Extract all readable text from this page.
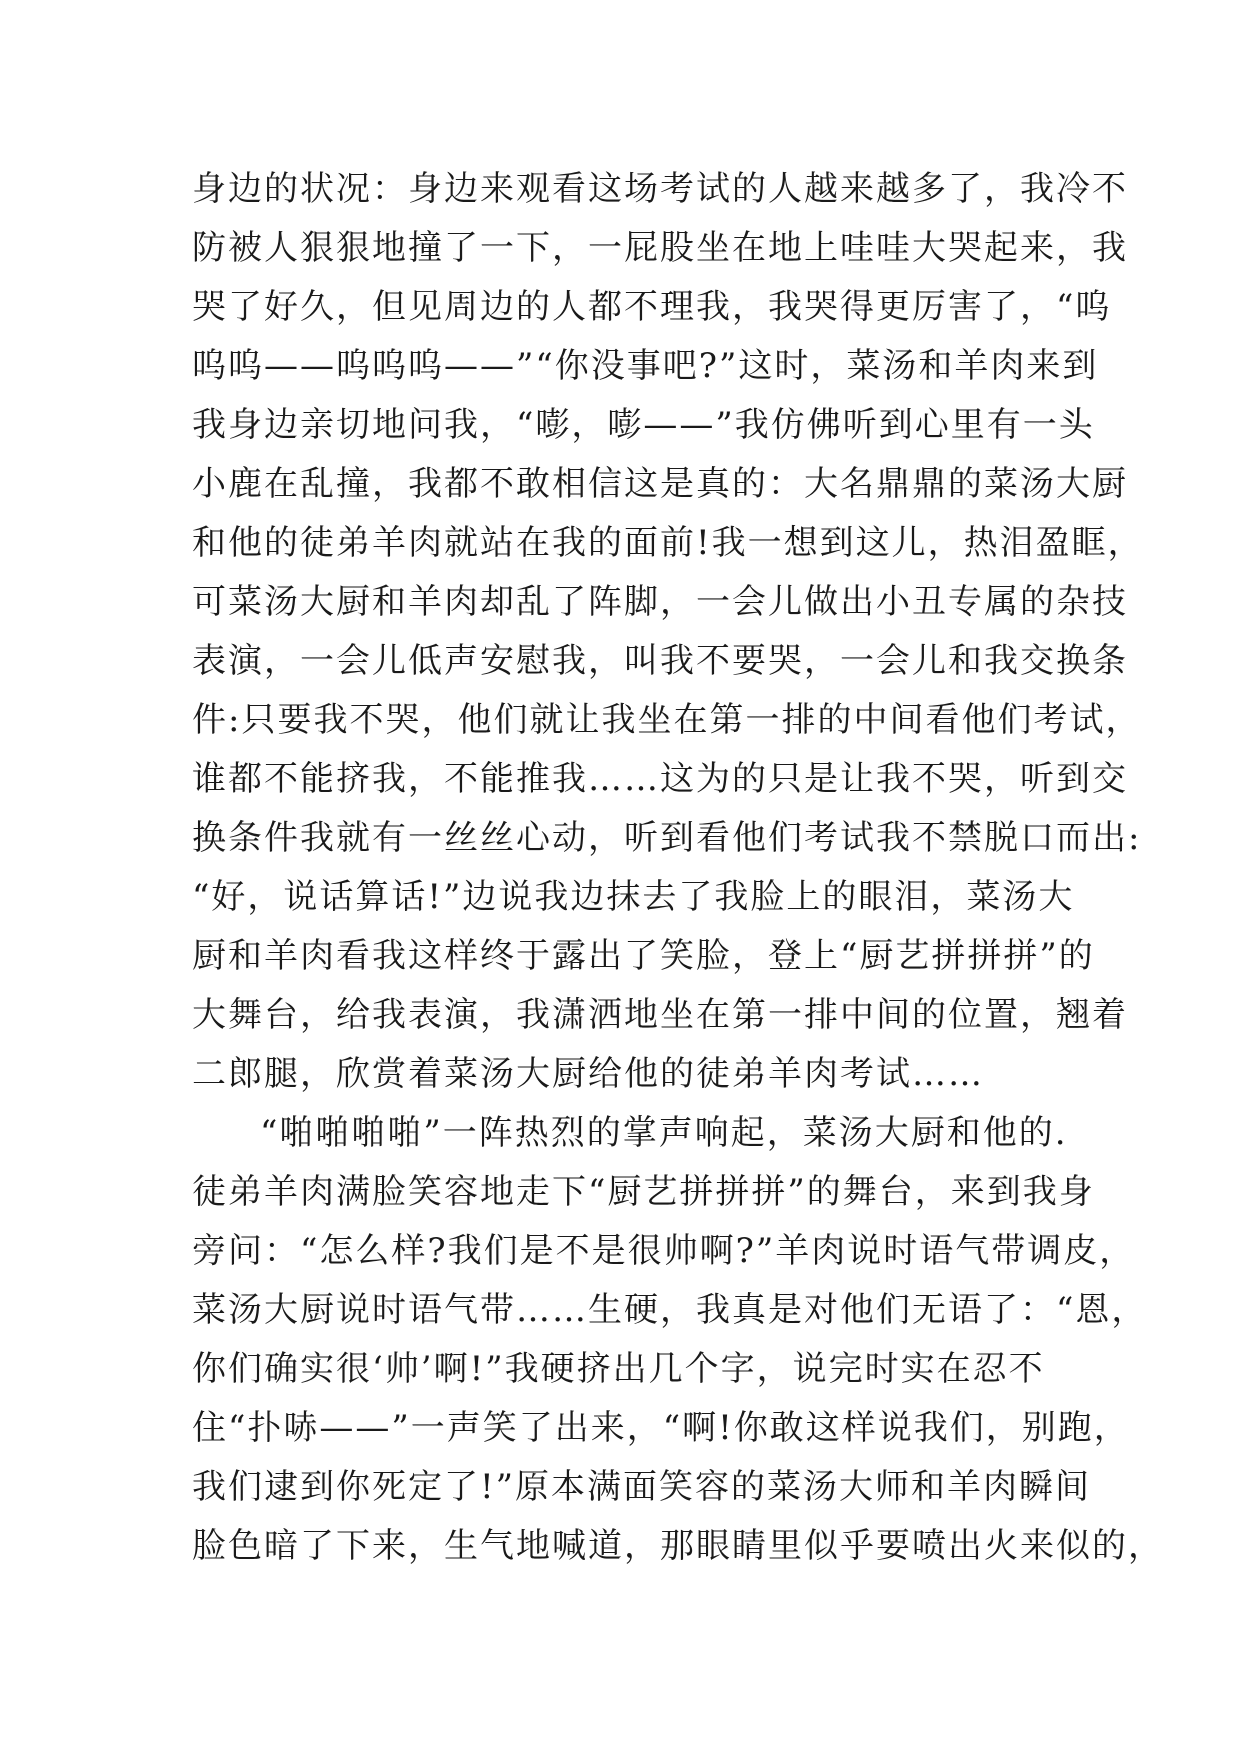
身边的状况：身边来观看这场考试的人越来越多了，我冷不
防被人狠狠地撞了一下，一屁股坐在地上哇哇大哭起来，我
哭了好久，但见周边的人都不理我，我哭得更厉害了，“呜
呜呜——呜呜呜——”“你没事吧?”这时，菜汤和羊肉来到
我身边亲切地问我，“嘭，嘭——”我仿佛听到心里有一头
小鹿在乱撞，我都不敢相信这是真的：大名鼎鼎的菜汤大厨
和他的徒弟羊肉就站在我的面前!我一想到这儿，热泪盈眶，
可菜汤大厨和羊肉却乱了阵脚，一会儿做出小丑专属的杂技
表演，一会儿低声安慰我，叫我不要哭，一会儿和我交换条
件:只要我不哭，他们就让我坐在第一排的中间看他们考试，
谁都不能挤我，不能推我……这为的只是让我不哭，听到交
换条件我就有一丝丝心动，听到看他们考试我不禁脱口而出:
“好，说话算话!”边说我边抹去了我脸上的眼泪，菜汤大
厨和羊肉看我这样终于露出了笑脸，登上“厨艺拼拼拼”的
大舞台，给我表演，我潇洒地坐在第一排中间的位置，翘着
二郎腿，欣赏着菜汤大厨给他的徒弟羊肉考试……
“啪啪啪啪”一阵热烈的掌声响起，菜汤大厨和他的.
徒弟羊肉满脸笑容地走下“厨艺拼拼拼”的舞台，来到我身
旁问：“怎么样?我们是不是很帅啊?”羊肉说时语气带调皮，
菜汤大厨说时语气带……生硬，我真是对他们无语了：“恩，
你们确实很‘帅’啊!”我硬挤出几个字，说完时实在忍不
住“扑哧——”一声笑了出来，“啊!你敢这样说我们，别跑，
我们逮到你死定了!”原本满面笑容的菜汤大师和羊肉瞬间
脸色暗了下来，生气地喊道，那眼睛里似乎要喷出火来似的，
